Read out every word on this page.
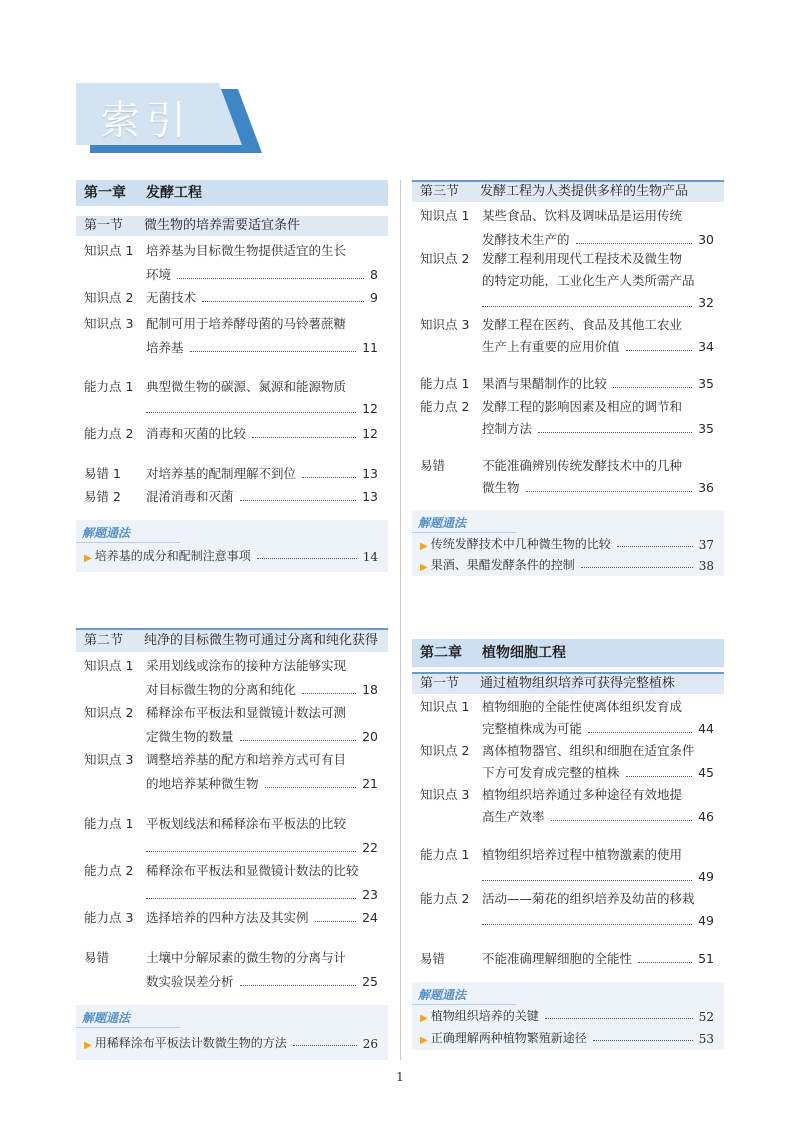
索引
第一章 发酵工程
第一节 微生物的培养需要适宜条件
知识点 1 培养基为目标微生物提供适宜的生长
环境	8
知识点 2 无菌技术	9
知识点 3 配制可用于培养酵母菌的马铃薯蔗糖
培养基	11
能力点 1 典型微生物的碳源、氮源和能源物质
12
能力点 2 消毒和灭菌的比较	12
易错 1 对培养基的配制理解不到位	13
易错 2 混淆消毒和灭菌	13
解题通法
▶ 培养基的成分和配制注意事项	14
第二节 纯净的目标微生物可通过分离和纯化获得
知识点 1 采用划线或涂布的接种方法能够实现
对目标微生物的分离和纯化	18
知识点 2 稀释涂布平板法和显微镜计数法可测
定微生物的数量	20
知识点 3 调整培养基的配方和培养方式可有目
的地培养某种微生物	21
能力点 1 平板划线法和稀释涂布平板法的比较
22
能力点 2 稀释涂布平板法和显微镜计数法的比较
23
能力点 3 选择培养的四种方法及其实例	24
易错	土壤中分解尿素的微生物的分离与计
数实验误差分析	25
解题通法
▶ 用稀释涂布平板法计数微生物的方法	26
第三节 发酵工程为人类提供多样的生物产品
知识点 1 某些食品、饮料及调味品是运用传统
发酵技术生产的	30
知识点 2 发酵工程利用现代工程技术及微生物
的特定功能，工业化生产人类所需产品
32
知识点 3 发酵工程在医药、食品及其他工农业
生产上有重要的应用价值	34
能力点 1 果酒与果醋制作的比较	35
能力点 2 发酵工程的影响因素及相应的调节和
控制方法	35
易错	不能准确辨别传统发酵技术中的几种
微生物	36
解题通法
▶ 传统发酵技术中几种微生物的比较	37
▶ 果酒、果醋发酵条件的控制	38
第二章 植物细胞工程
第一节 通过植物组织培养可获得完整植株
知识点 1 植物细胞的全能性使离体组织发育成
完整植株成为可能	44
知识点 2 离体植物器官、组织和细胞在适宜条件
下方可发育成完整的植株	45
知识点 3 植物组织培养通过多种途径有效地提
高生产效率	46
能力点 1 植物组织培养过程中植物激素的使用
49
能力点 2 活动——菊花的组织培养及幼苗的移栽
49
易错	不能准确理解细胞的全能性	51
解题通法
▶ 植物组织培养的关键	52
▶ 正确理解两种植物繁殖新途径	53
1
